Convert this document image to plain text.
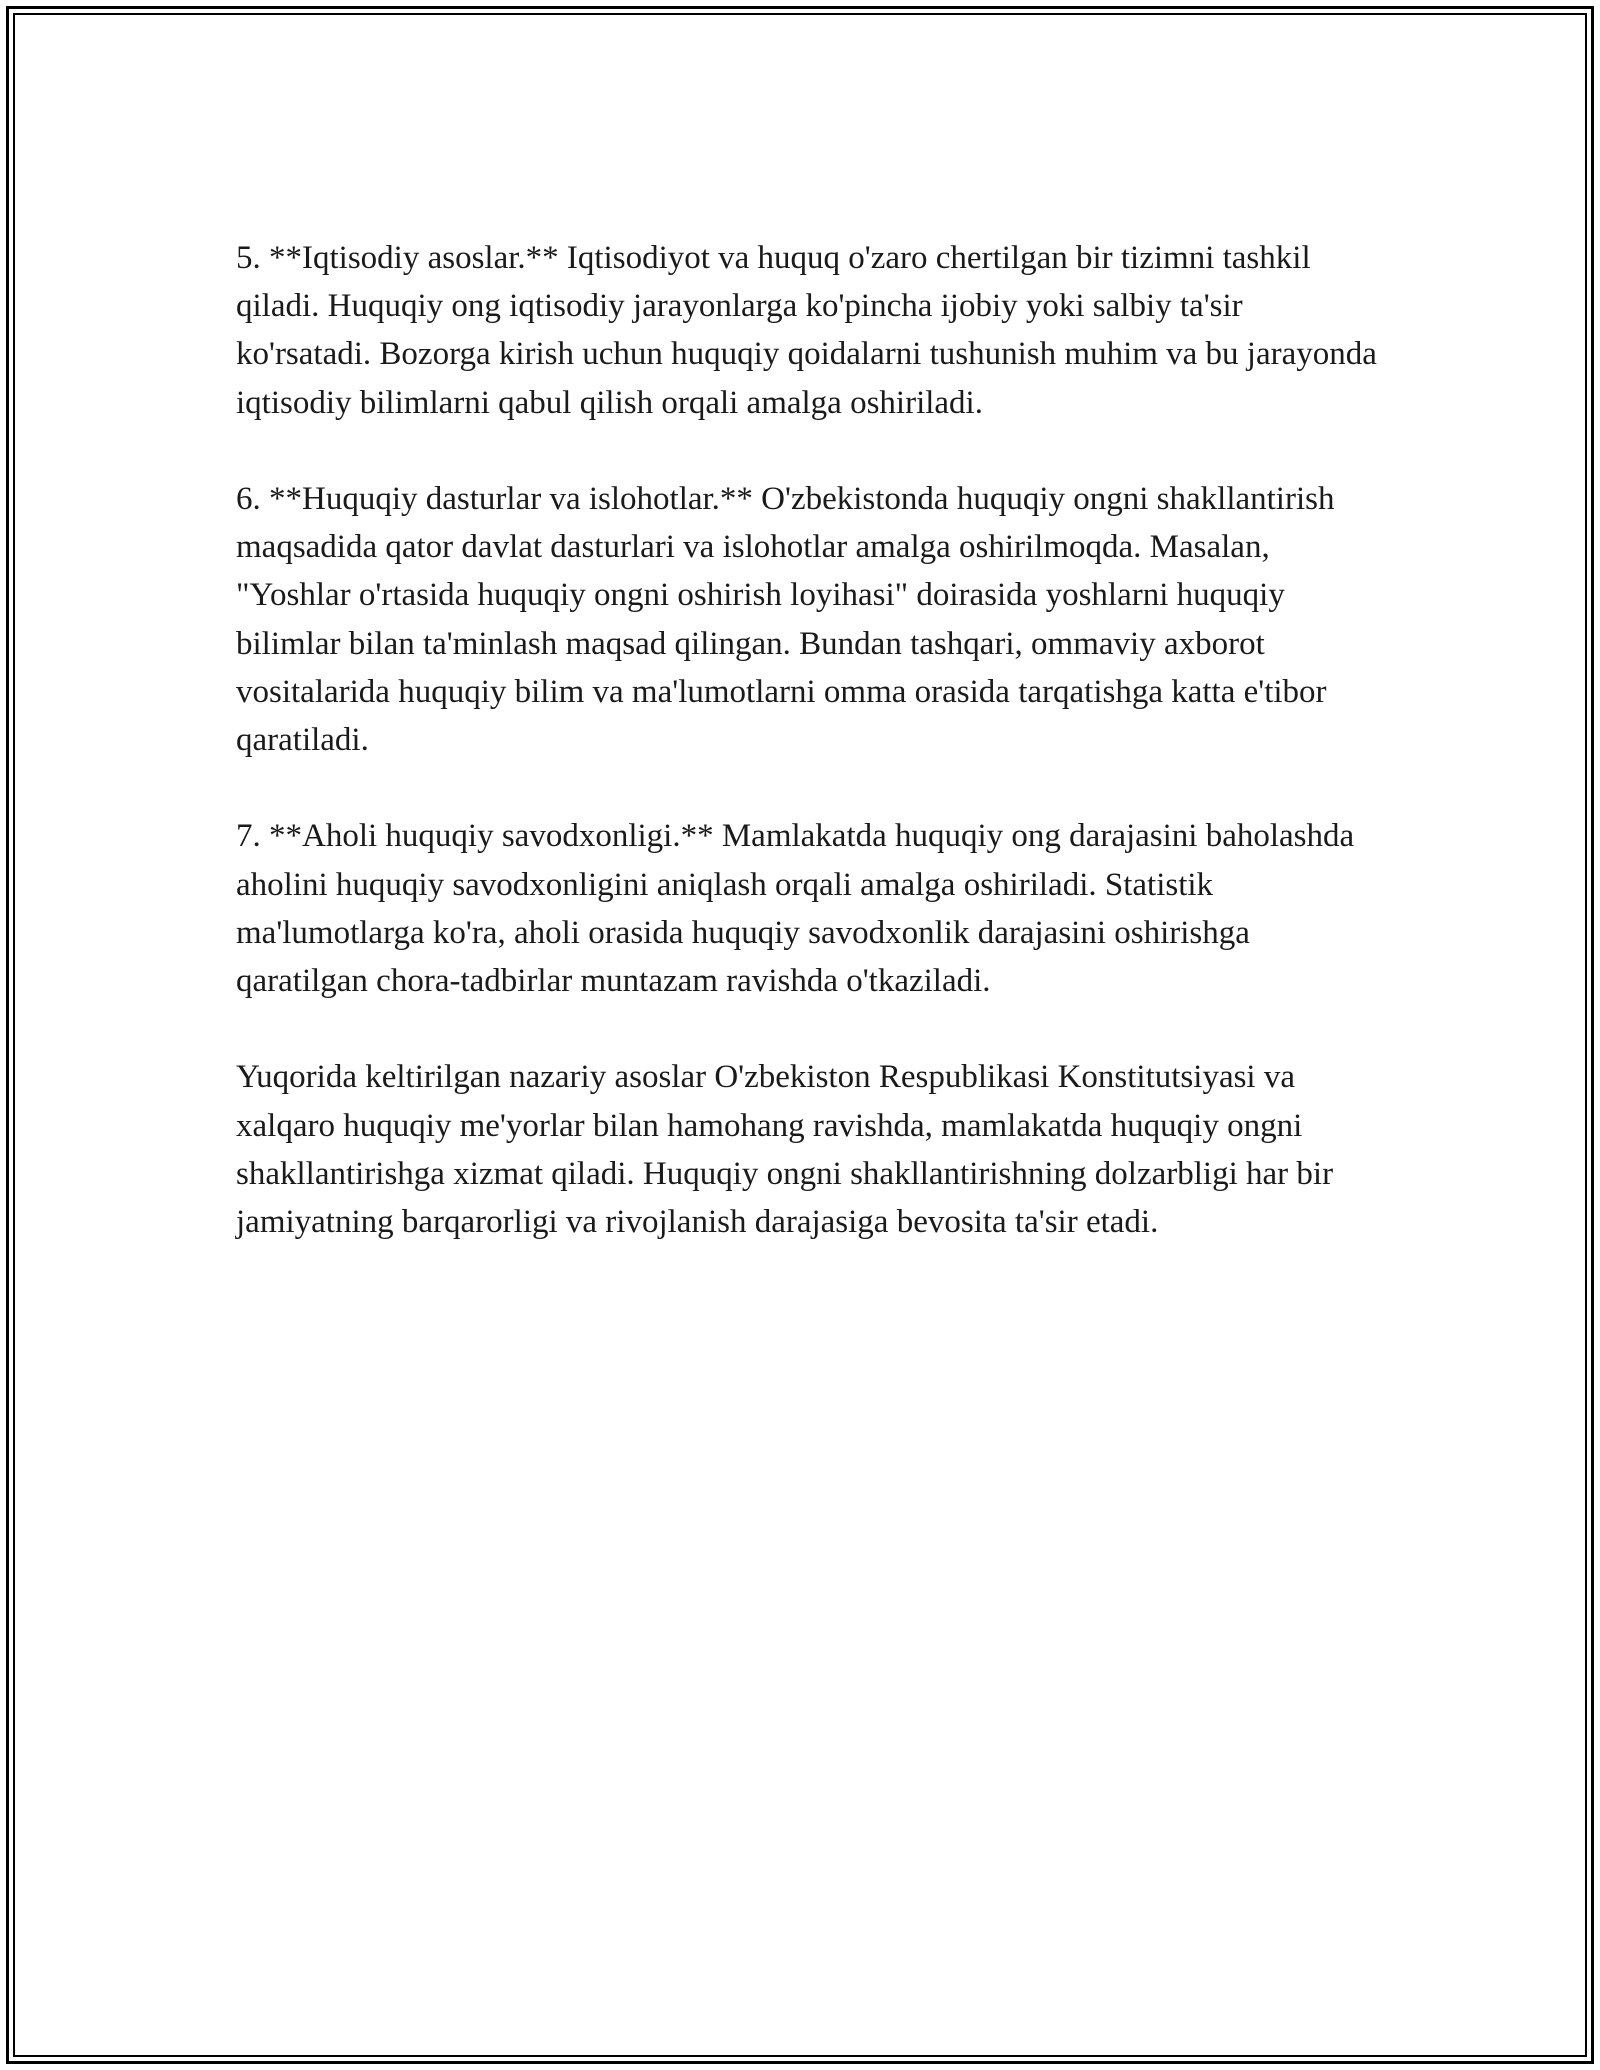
5. **Iqtisodiy asoslar.** Iqtisodiyot va huquq o'zaro chertilgan bir tizimni tashkil qiladi. Huquqiy ong iqtisodiy jarayonlarga ko'pincha ijobiy yoki salbiy ta'sir ko'rsatadi. Bozorga kirish uchun huquqiy qoidalarni tushunish muhim va bu jarayonda iqtisodiy bilimlarni qabul qilish orqali amalga oshiriladi.

6. **Huquqiy dasturlar va islohotlar.** O'zbekistonda huquqiy ongni shakllantirish maqsadida qator davlat dasturlari va islohotlar amalga oshirilmoqda. Masalan, "Yoshlar o'rtasida huquqiy ongni oshirish loyihasi" doirasida yoshlarni huquqiy bilimlar bilan ta'minlash maqsad qilingan. Bundan tashqari, ommaviy axborot vositalarida huquqiy bilim va ma'lumotlarni omma orasida tarqatishga katta e'tibor qaratiladi.

7. **Aholi huquqiy savodxonligi.** Mamlakatda huquqiy ong darajasini baholashda aholini huquqiy savodxonligini aniqlash orqali amalga oshiriladi. Statistik ma'lumotlarga ko'ra, aholi orasida huquqiy savodxonlik darajasini oshirishga qaratilgan chora-tadbirlar muntazam ravishda o'tkaziladi.

Yuqorida keltirilgan nazariy asoslar O'zbekiston Respublikasi Konstitutsiyasi va xalqaro huquqiy me'yorlar bilan hamohang ravishda, mamlakatda huquqiy ongni shakllantirishga xizmat qiladi. Huquqiy ongni shakllantirishning dolzarbligi har bir jamiyatning barqarorligi va rivojlanish darajasiga bevosita ta'sir etadi.
